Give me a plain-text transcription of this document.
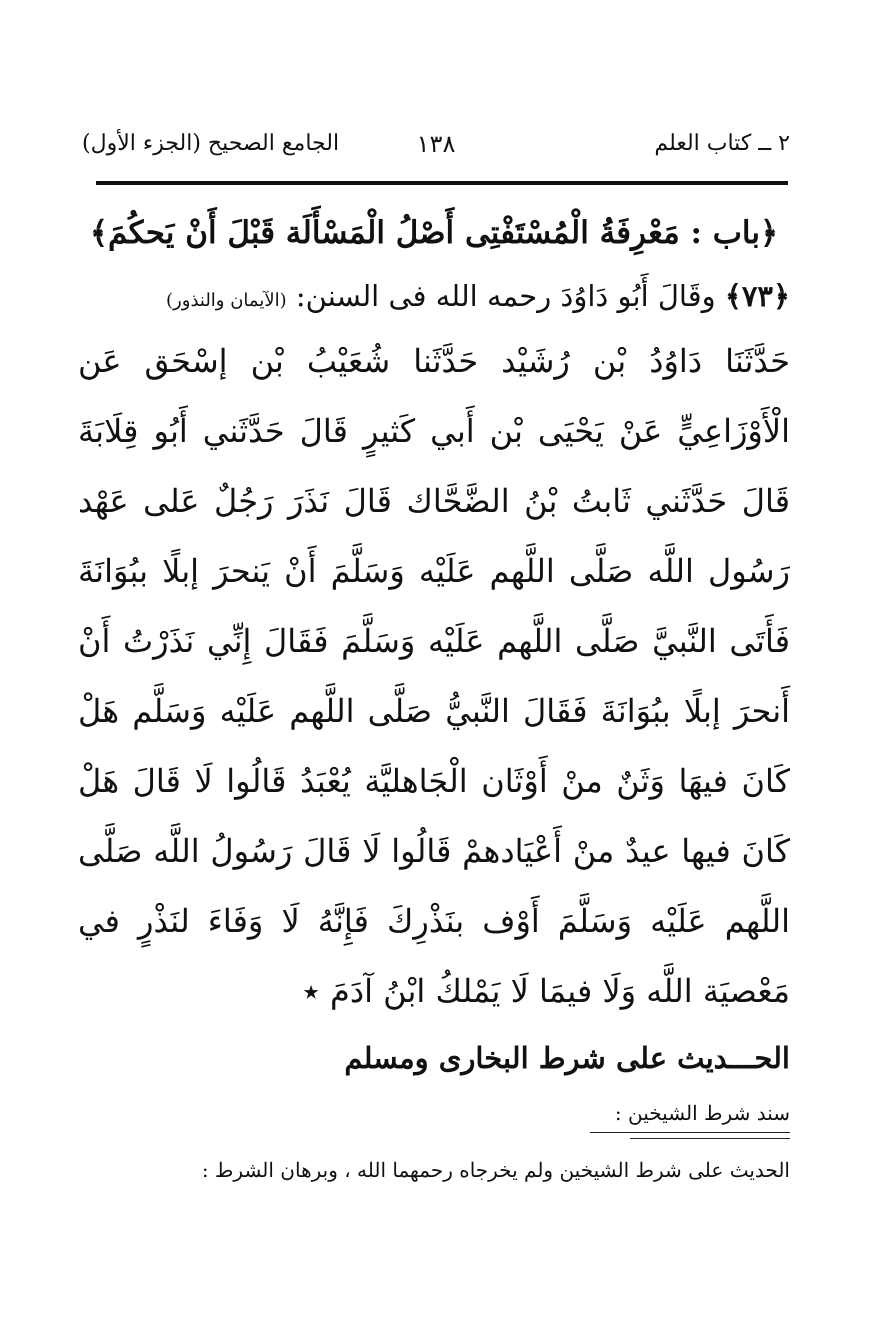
٢ ــ كتاب العلم
١٣٨
الجامع الصحيح (الجزء الأول)
﴿باب : مَعْرِفَةُ الْمُسْتَفْتِى أَصْلُ الْمَسْأَلَة قَبْلَ أَنْ يَحكُمَ﴾
﴿٧٣﴾ وقَالَ أَبُو دَاوُدَ رحمه الله فى السنن: (الآيمان والنذور)

حَدَّثَنَا دَاوُدُ بْن رُشَيْد حَدَّثَنا شُعَيْبُ بْن إسْحَق عَن الْأَوْزَاعِيٍّ عَنْ يَحْيَى بْن أَبي كَثيرٍ قَالَ حَدَّثَني أَبُو قِلَابَةَ قَالَ حَدَّثَني ثَابتُ بْنُ الضَّحَّاك قَالَ نَذَرَ رَجُلٌ عَلى عَهْد رَسُول اللَّه صَلَّى اللَّهم عَلَيْه وَسَلَّمَ أَنْ يَنحرَ إبلًا ببُوَانَةَ فَأَتَى النَّبيَّ صَلَّى اللَّهم عَلَيْه وَسَلَّمَ فَقَالَ إِنِّي نَذَرْتُ أَنْ أَنحرَ إبلًا ببُوَانَةَ فَقَالَ النَّبيُّ صَلَّى اللَّهم عَلَيْه وَسَلَّم هَلْ كَانَ فيهَا وَثَنٌ منْ أَوْثَان الْجَاهليَّة يُعْبَدُ قَالُوا لَا قَالَ هَلْ كَانَ فيها عيدٌ منْ أَعْيَادهمْ قَالُوا لَا قَالَ رَسُولُ اللَّه صَلَّى اللَّهم عَلَيْه وَسَلَّمَ أَوْف بنَذْرِكَ فَإِنَّهُ لَا وَفَاءَ لنَذْرٍ في مَعْصيَة اللَّه وَلَا فيمَا لَا يَمْلكُ ابْنُ آدَمَ ٭

الحـــديث على شرط البخارى ومسلم
سند شرط الشيخين :
الحديث على شرط الشيخين ولم يخرجاه رحمهما الله ، وبرهان الشرط :
